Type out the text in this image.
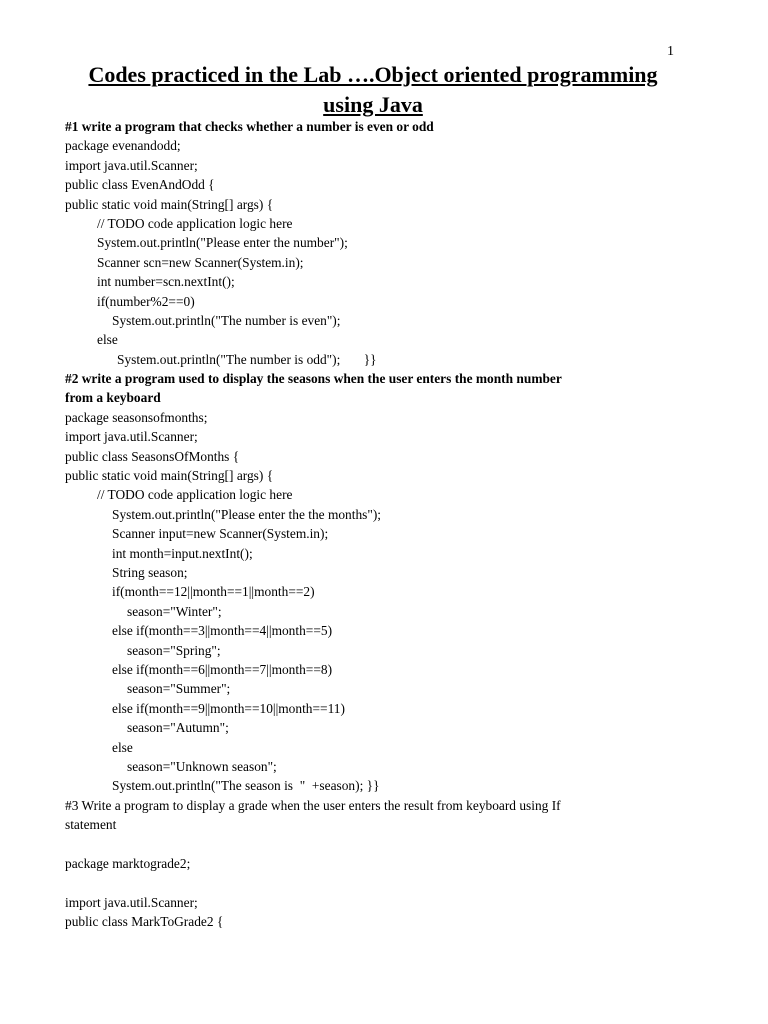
1
Codes practiced in the Lab ….Object oriented programming
using Java
#1 write a program that checks whether a number is even or odd
package evenandodd;
import java.util.Scanner;
public class EvenAndOdd {
public static void main(String[] args) {
// TODO code application logic here
System.out.println("Please enter the number");
Scanner scn=new Scanner(System.in);
int number=scn.nextInt();
if(number%2==0)
System.out.println("The number is even");
else
System.out.println("The number is odd");       }}
#2 write a program used to display the seasons when the user enters the month number
from a keyboard
package seasonsofmonths;
import java.util.Scanner;
public class SeasonsOfMonths {
public static void main(String[] args) {
// TODO code application logic here
System.out.println("Please enter the the months");
Scanner input=new Scanner(System.in);
int month=input.nextInt();
String season;
if(month==12||month==1||month==2)
season="Winter";
else if(month==3||month==4||month==5)
season="Spring";
else if(month==6||month==7||month==8)
season="Summer";
else if(month==9||month==10||month==11)
season="Autumn";
else
season="Unknown season";
System.out.println("The season is  "  +season); }}
#3 Write a program to display a grade when the user enters the result from keyboard using If
statement
package marktograde2;
import java.util.Scanner;
public class MarkToGrade2 {
